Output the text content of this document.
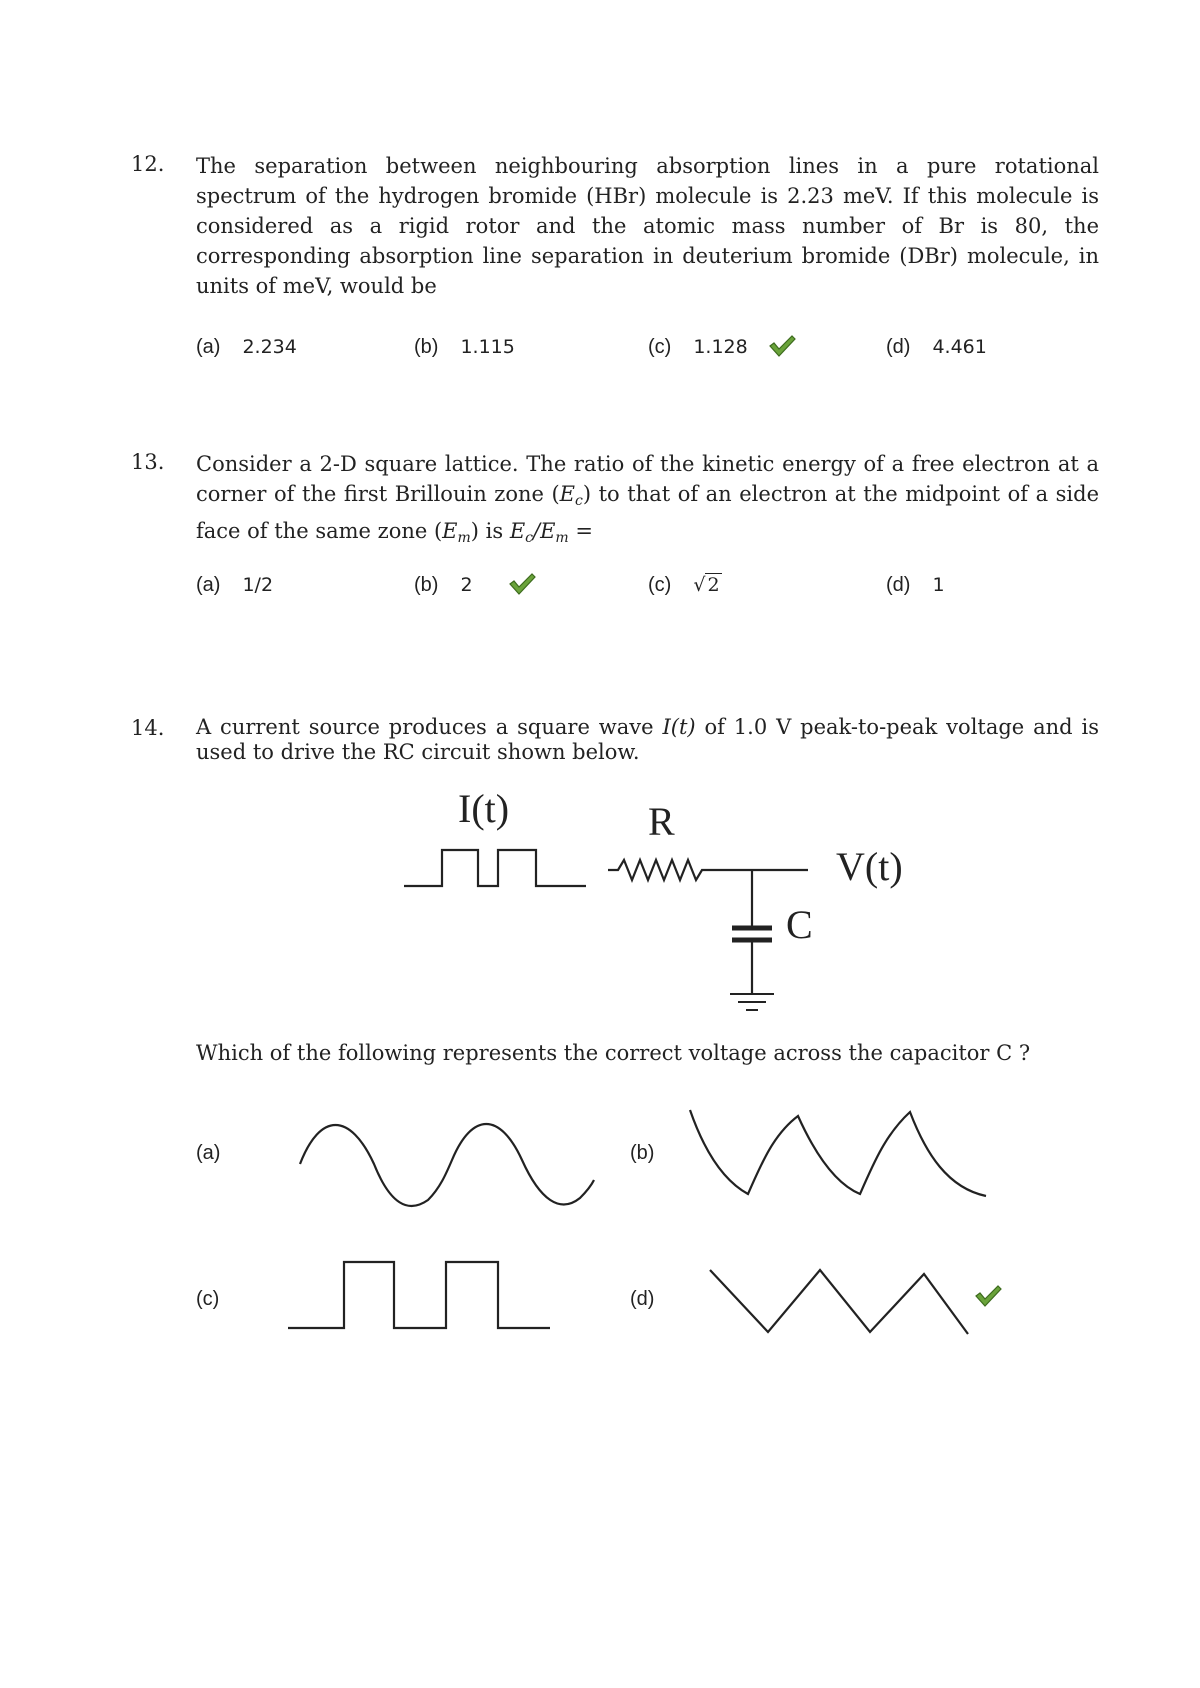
12. The separation between neighbouring absorption lines in a pure rotational spectrum of the hydrogen bromide (HBr) molecule is 2.23 meV. If this molecule is considered as a rigid rotor and the atomic mass number of Br is 80, the corresponding absorption line separation in deuterium bromide (DBr) molecule, in units of meV, would be
(a) 2.234	(b) 1.115	(c) 1.128	(d) 4.461
13. Consider a 2-D square lattice. The ratio of the kinetic energy of a free electron at a corner of the first Brillouin zone $(E_c)$ to that of an electron at the midpoint of a side face of the same zone $(E_m)$ is $E_c/E_m$ =
(a) 1/2	(b) 2	(c) √ 2	(d) 1
14. A current source produces a square wave I(t) of 1.0 V peak-to-peak voltage and is used to drive the RC circuit shown below.
I(t)	R
V(t)
C
Which of the following represents the correct voltage across the capacitor C ?
(a)	(b)
(c)	(d)
